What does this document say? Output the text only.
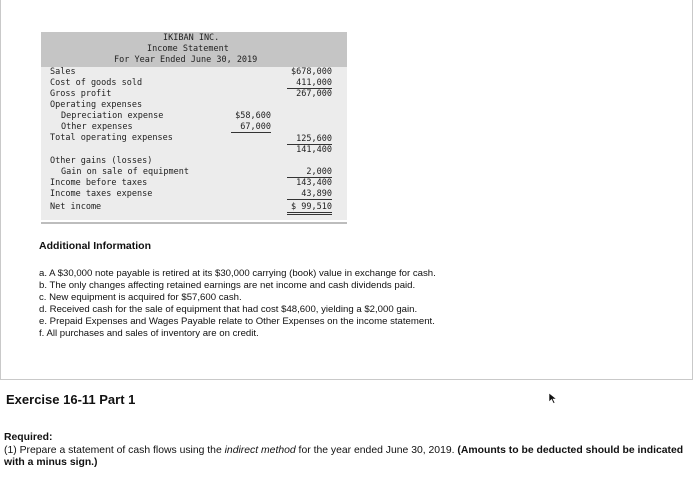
IKIBAN INC.
Income Statement
For Year Ended June 30, 2019
Sales	$678,000
Cost of goods sold	411,000
Gross profit	267,000
Operating expenses
Depreciation expense	$58,600
Other expenses	67,000
Total operating expenses	125,600
141,400
Other gains (losses)
Gain on sale of equipment	2,000
Income before taxes	143,400
Income taxes expense	43,890
Net income	$ 99,510
Additional Information
a. A $30,000 note payable is retired at its $30,000 carrying (book) value in exchange for cash.
b. The only changes affecting retained earnings are net income and cash dividends paid.
c. New equipment is acquired for $57,600 cash.
d. Received cash for the sale of equipment that had cost $48,600, yielding a $2,000 gain.
e. Prepaid Expenses and Wages Payable relate to Other Expenses on the income statement.
f. All purchases and sales of inventory are on credit.
Exercise 16-11 Part 1
Required:
(1) Prepare a statement of cash flows using the indirect method for the year ended June 30, 2019. (Amounts to be deducted should be indicated with a minus sign.)
